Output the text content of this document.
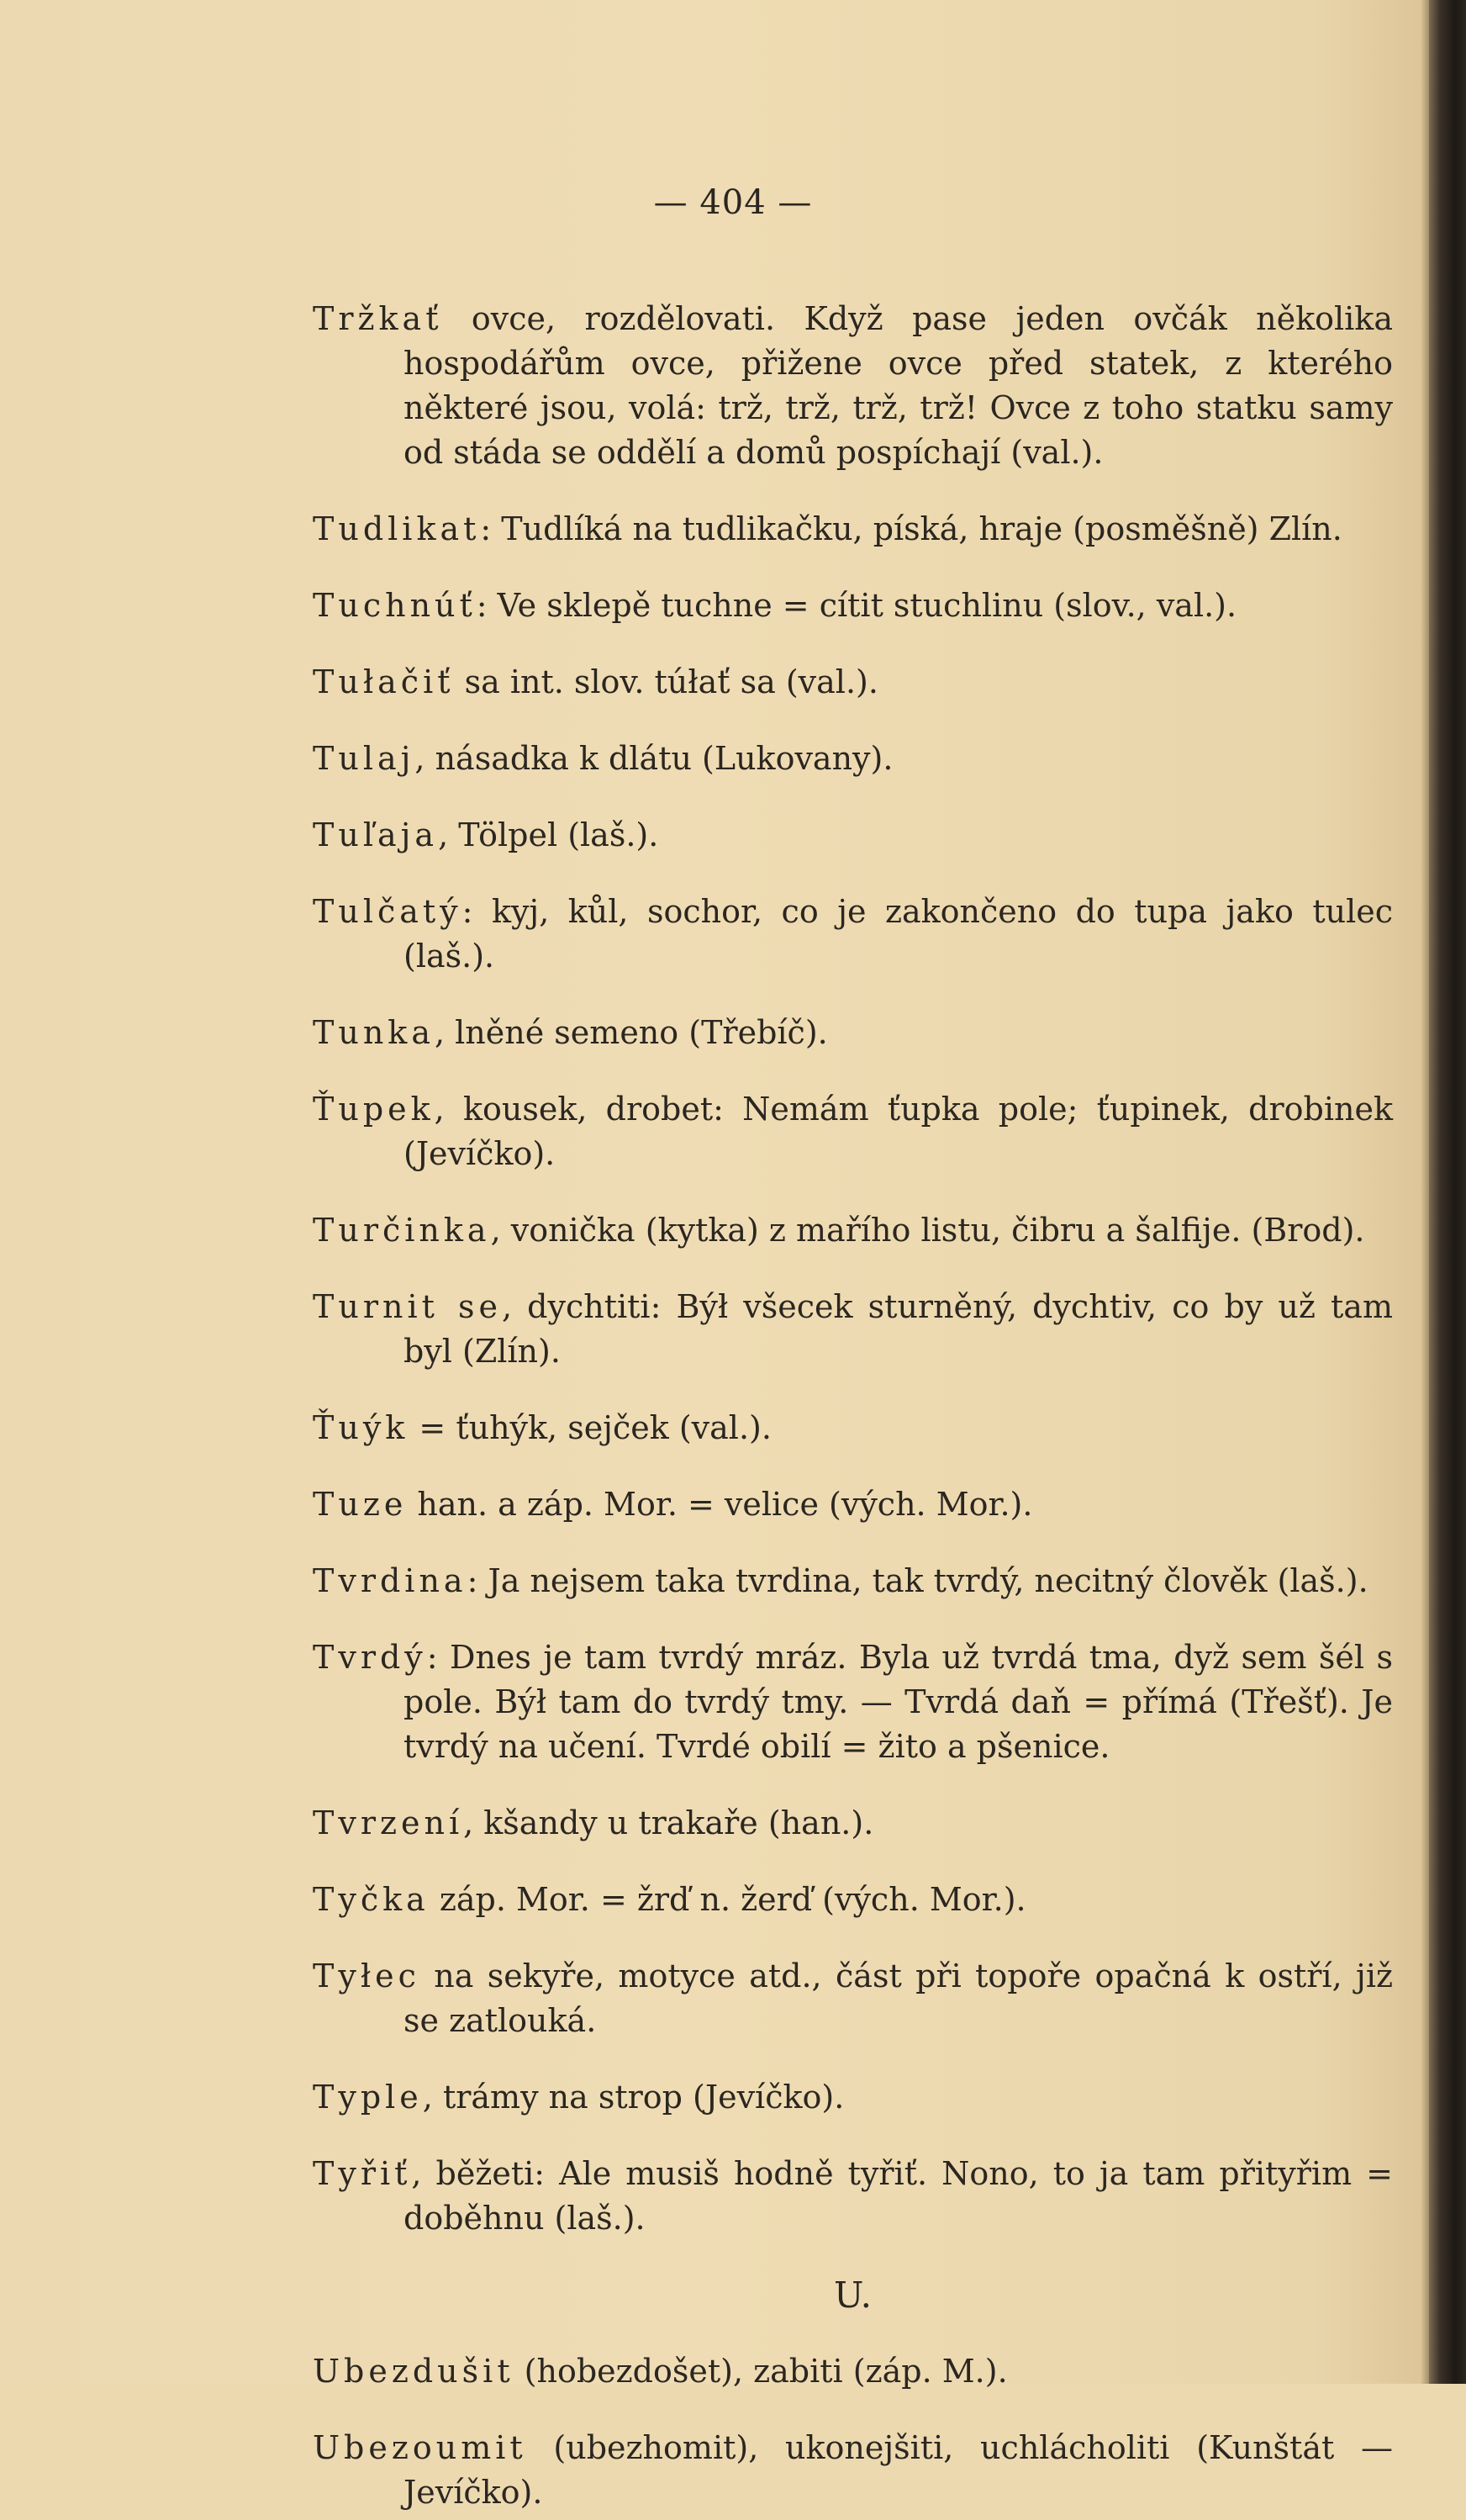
— 404 —

Tržkať ovce, rozdělovati. Když pase jeden ovčák několika hospodářům ovce, přižene ovce před statek, z kterého některé jsou, volá: trž, trž, trž, trž! Ovce z toho statku samy od stáda se oddělí a domů pospíchají (val.).

Tudlikat: Tudlíká na tudlikačku, píská, hraje (posměšně) Zlín.

Tuchnúť: Ve sklepě tuchne = cítit stuchlinu (slov., val.).

Tułačiť sa int. slov. túłať sa (val.).

Tulaj, násadka k dlátu (Lukovany).

Tuľaja, Tölpel (laš.).

Tulčatý: kyj, kůl, sochor, co je zakončeno do tupa jako tulec (laš.).

Tunka, lněné semeno (Třebíč).

Ťupek, kousek, drobet: Nemám ťupka pole; ťupinek, drobinek (Jevíčko).

Turčinka, vonička (kytka) z mařího listu, čibru a šalfije. (Brod).

Turnit se, dychtiti: Býł všecek sturněný, dychtiv, co by už tam byl (Zlín).

Ťuýk = ťuhýk, sejček (val.).

Tuze han. a záp. Mor. = velice (vých. Mor.).

Tvrdina: Ja nejsem taka tvrdina, tak tvrdý, necitný člověk (laš.).

Tvrdý: Dnes je tam tvrdý mráz. Byla už tvrdá tma, dyž sem šél s pole. Býł tam do tvrdý tmy. — Tvrdá daň = přímá (Třešť). Je tvrdý na učení. Tvrdé obilí = žito a pšenice.

Tvrzení, kšandy u trakaře (han.).

Tyčka záp. Mor. = žrď n. žerď (vých. Mor.).

Tyłec na sekyře, motyce atd., část při topoře opačná k ostří, již se zatlouká.

Typle, trámy na strop (Jevíčko).

Tyřiť, běžeti: Ale musiš hodně tyřiť. Nono, to ja tam přityřim = doběhnu (laš.).

U.

Ubezdušit (hobezdošet), zabiti (záp. M.).

Ubezoumit (ubezhomit), ukonejšiti, uchlácholiti (Kunštát — Jevíčko).
